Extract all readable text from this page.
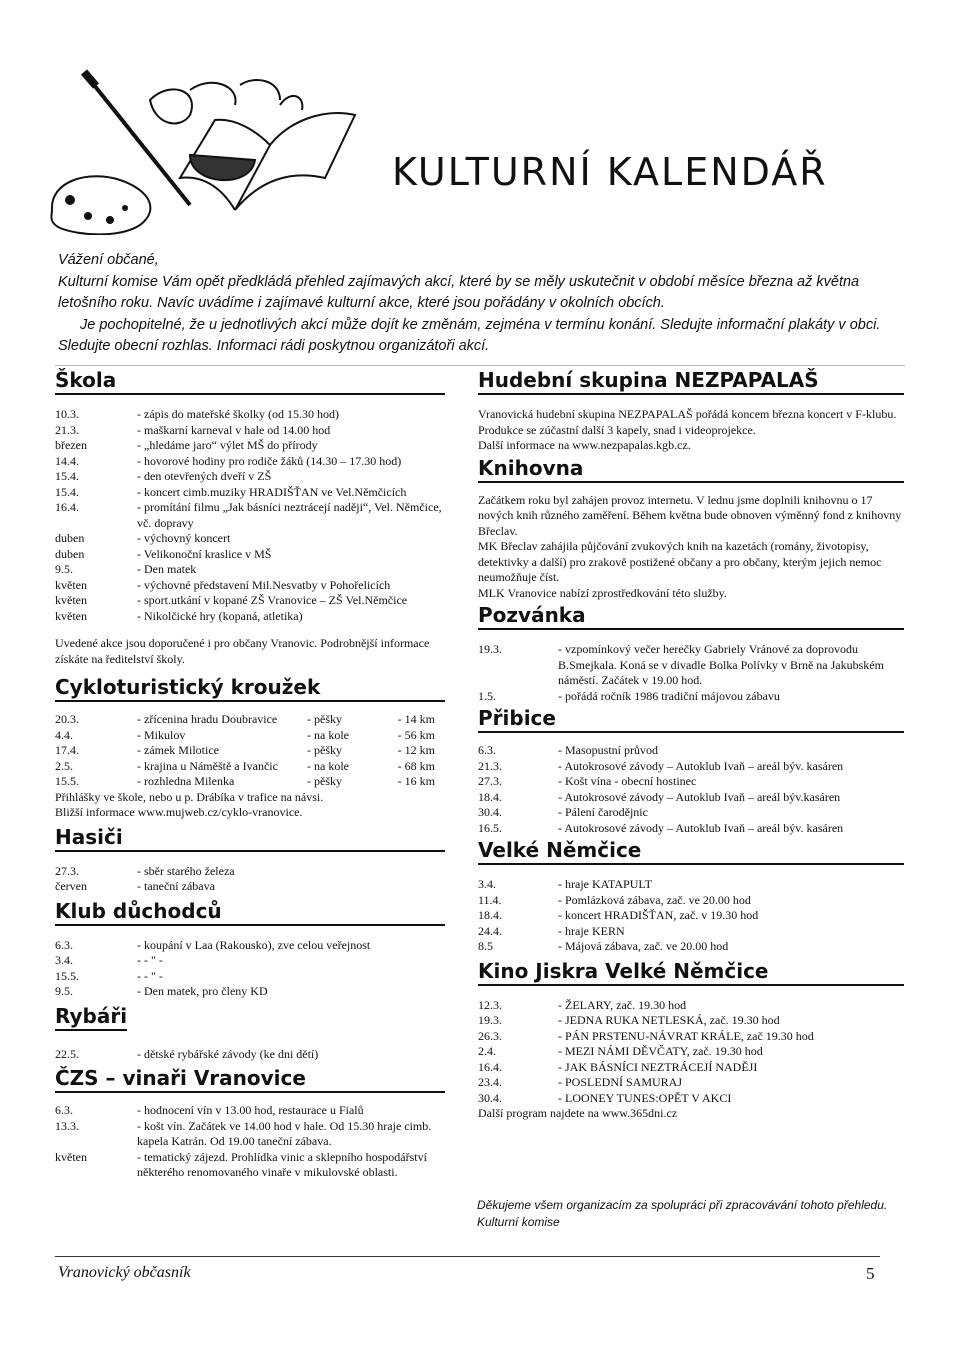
KULTURNÍ KALENDÁŘ

Vážení občané,

Kulturní komise Vám opět předkládá přehled zajímavých akcí, které by se měly uskutečnit v období měsíce března až května letošního roku. Navíc uvádíme i zajímavé kulturní akce, které jsou pořádány v okolních obcích.

Je pochopitelné, že u jednotlivých akcí může dojít ke změnám, zejména v termínu konání. Sledujte informační plakáty v obci. Sledujte obecní rozhlas. Informaci rádi poskytnou organizátoři akcí.

Škola
10.3.	- zápis do mateřské školky (od 15.30 hod)
21.3.	- maškarní karneval v hale od 14.00 hod
březen	- „hledáme jaro“ výlet MŠ do přírody
14.4.	- hovorové hodiny pro rodiče žáků (14.30 – 17.30 hod)
15.4.	- den otevřených dveří v ZŠ
15.4.	- koncert cimb.muziky HRADIŠŤAN ve Vel.Němčicích
16.4.	- promítání filmu „Jak básníci neztrácejí naději“, Vel. Němčice, vč. dopravy
duben	- výchovný koncert
duben	- Velikonoční kraslice v MŠ
9.5.	- Den matek
květen	- výchovné představení Mil.Nesvatby v Pohořelicích
květen	- sport.utkání v kopané ZŠ Vranovice – ZŠ Vel.Němčice
květen	- Nikolčické hry (kopaná, atletika)

Uvedené akce jsou doporučené i pro občany Vranovic. Podrobnější informace získáte na ředitelství školy.

Cykloturistický kroužek
20.3.	- zřícenina hradu Doubravice	- pěšky	- 14 km
4.4.	- Mikulov	- na kole	- 56 km
17.4.	- zámek Milotice	- pěšky	- 12 km
2.5.	- krajina u Náměště a Ivančic	- na kole	- 68 km
15.5.	- rozhledna Milenka	- pěšky	- 16 km

Přihlášky ve škole, nebo u p. Drábíka v trafice na návsi.

Bližší informace www.mujweb.cz/cyklo-vranovice.

Hasiči
27.3.	- sběr starého železa
červen	- taneční zábava
Klub důchodců
6.3.	- koupání v Laa (Rakousko), zve celou veřejnost
3.4.	- - " -
15.5.	- - " -
9.5.	- Den matek, pro členy KD
Rybáři
22.5.	- dětské rybářské závody (ke dni dětí)
ČZS – vinaři Vranovice
6.3.	- hodnocení vín v 13.00 hod, restaurace u Fialů
13.3.	- košt vín. Začátek ve 14.00 hod v hale. Od 15.30 hraje cimb. kapela Katrán. Od 19.00 taneční zábava.
květen	- tematický zájezd. Prohlídka vinic a sklepního hospodářství některého renomovaného vinaře v mikulovské oblasti.
Hudební skupina NEZPAPALAŠ

Vranovická hudební skupina NEZPAPALAŠ pořádá koncem března koncert v F-klubu.

Produkce se zúčastní další 3 kapely, snad i videoprojekce.

Další informace na www.nezpapalas.kgb.cz.

Knihovna

Začátkem roku byl zahájen provoz internetu. V lednu jsme doplnili knihovnu o 17 nových knih různého zaměření. Během května bude obnoven výměnný fond z knihovny Břeclav.

MK Břeclav zahájila půjčování zvukových knih na kazetách (romány, životopisy, detektivky a další) pro zrakově postižené občany a pro občany, kterým jejich nemoc neumožňuje číst.

MLK Vranovice nabízí zprostředkování této služby.

Pozvánka
19.3.	- vzpomínkový večer herečky Gabriely Vránové za doprovodu B.Smejkala. Koná se v divadle Bolka Polívky v Brně na Jakubském náměstí. Začátek v 19.00 hod.
1.5.	- pořádá ročník 1986 tradiční májovou zábavu
Přibice
6.3.	- Masopustní průvod
21.3.	- Autokrosové závody – Autoklub Ivaň – areál býv. kasáren
27.3.	- Košt vína - obecní hostinec
18.4.	- Autokrosové závody – Autoklub Ivaň – areál býv.kasáren
30.4.	- Pálení čarodějnic
16.5.	- Autokrosové závody – Autoklub Ivaň – areál býv. kasáren
Velké Němčice
3.4.	- hraje KATAPULT
11.4.	- Pomlázková zábava, zač. ve 20.00 hod
18.4.	- koncert HRADIŠŤAN, zač. v 19.30 hod
24.4.	- hraje KERN
8.5	- Májová zábava, zač. ve 20.00 hod
Kino Jiskra Velké Němčice
12.3.	- ŽELARY, zač. 19.30 hod
19.3.	- JEDNA RUKA NETLESKÁ, zač. 19.30 hod
26.3.	- PÁN PRSTENU-NÁVRAT KRÁLE, zač 19.30 hod
2.4.	- MEZI NÁMI DĚVČATY, zač. 19.30 hod
16.4.	- JAK BÁSNÍCI NEZTRÁCEJÍ NADĚJI
23.4.	- POSLEDNÍ SAMURAJ
30.4.	- LOONEY TUNES:OPĚT V AKCI

Další program najdete na www.365dni.cz

Děkujeme všem organizacím za spolupráci při zpracovávání tohoto přehledu.

Kulturní komise

Vranovický občasník	5
